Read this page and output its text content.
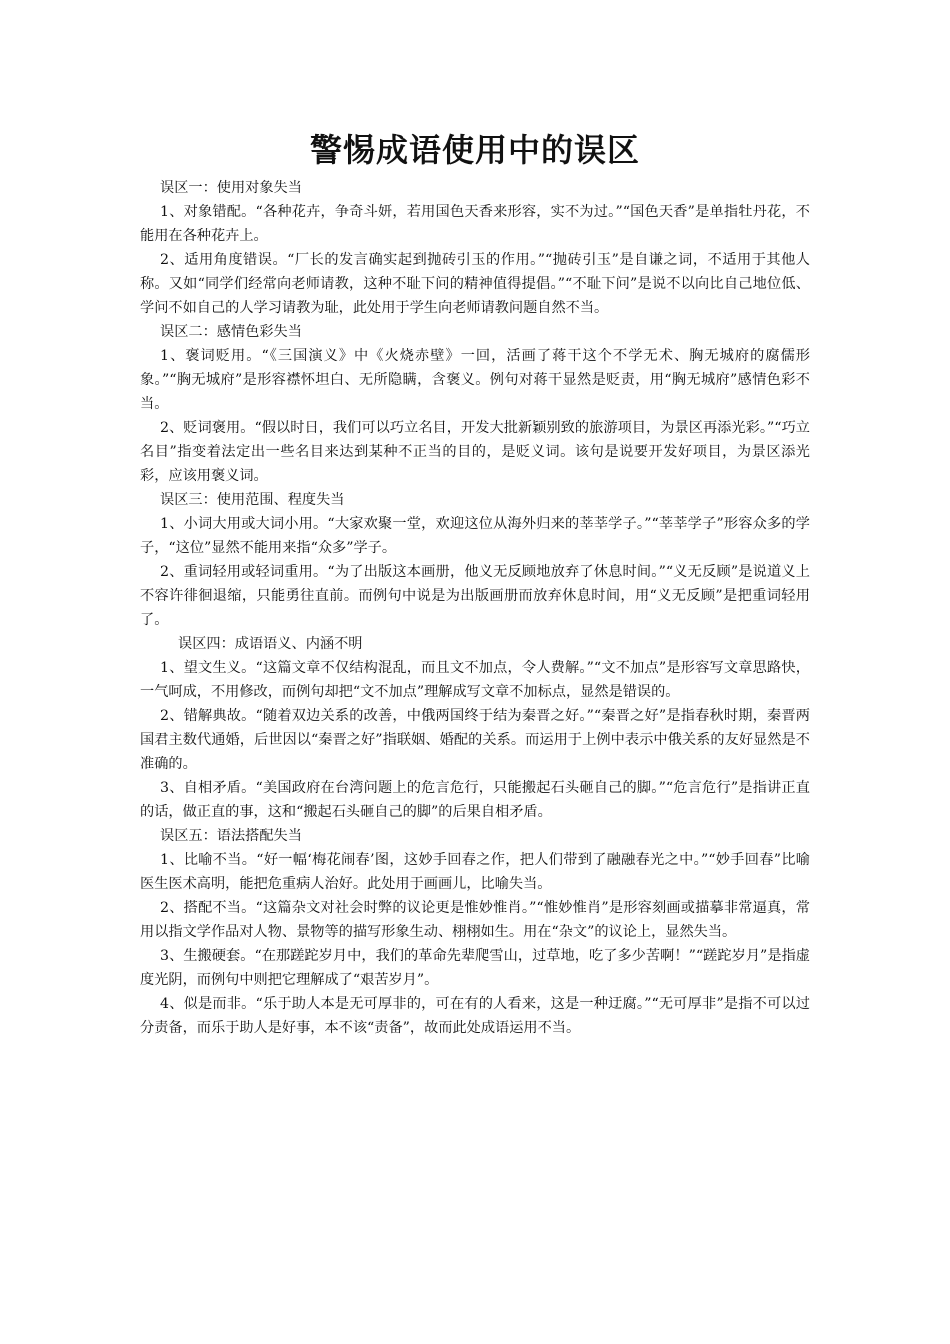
警惕成语使用中的误区

误区一：使用对象失当

1、对象错配。“各种花卉，争奇斗妍，若用国色天香来形容，实不为过。”“国色天香”是单指牡丹花，不能用在各种花卉上。

2、适用角度错误。“厂长的发言确实起到抛砖引玉的作用。”“抛砖引玉”是自谦之词，不适用于其他人称。又如“同学们经常向老师请教，这种不耻下问的精神值得提倡。”“不耻下问”是说不以向比自己地位低、学问不如自己的人学习请教为耻，此处用于学生向老师请教问题自然不当。

误区二：感情色彩失当

1、褒词贬用。“《三国演义》中《火烧赤壁》一回，活画了蒋干这个不学无术、胸无城府的腐儒形象。”“胸无城府”是形容襟怀坦白、无所隐瞒，含褒义。例句对蒋干显然是贬责，用“胸无城府”感情色彩不当。

2、贬词褒用。“假以时日，我们可以巧立名目，开发大批新颖别致的旅游项目，为景区再添光彩。”“巧立名目”指变着法定出一些名目来达到某种不正当的目的，是贬义词。该句是说要开发好项目，为景区添光彩，应该用褒义词。

误区三：使用范围、程度失当

1、小词大用或大词小用。“大家欢聚一堂，欢迎这位从海外归来的莘莘学子。”“莘莘学子”形容众多的学子，“这位”显然不能用来指“众多”学子。

2、重词轻用或轻词重用。“为了出版这本画册，他义无反顾地放弃了休息时间。”“义无反顾”是说道义上不容许徘徊退缩，只能勇往直前。而例句中说是为出版画册而放弃休息时间，用“义无反顾”是把重词轻用了。

误区四：成语语义、内涵不明

1、望文生义。“这篇文章不仅结构混乱，而且文不加点，令人费解。”“文不加点”是形容写文章思路快，一气呵成，不用修改，而例句却把“文不加点”理解成写文章不加标点，显然是错误的。

2、错解典故。“随着双边关系的改善，中俄两国终于结为秦晋之好。”“秦晋之好”是指春秋时期，秦晋两国君主数代通婚，后世因以“秦晋之好”指联姻、婚配的关系。而运用于上例中表示中俄关系的友好显然是不准确的。

3、自相矛盾。“美国政府在台湾问题上的危言危行，只能搬起石头砸自己的脚。”“危言危行”是指讲正直的话，做正直的事，这和“搬起石头砸自己的脚”的后果自相矛盾。

误区五：语法搭配失当

1、比喻不当。“好一幅‘梅花闹春’图，这妙手回春之作，把人们带到了融融春光之中。”“妙手回春”比喻医生医术高明，能把危重病人治好。此处用于画画儿，比喻失当。

2、搭配不当。“这篇杂文对社会时弊的议论更是惟妙惟肖。”“惟妙惟肖”是形容刻画或描摹非常逼真，常用以指文学作品对人物、景物等的描写形象生动、栩栩如生。用在“杂文”的议论上，显然失当。

3、生搬硬套。“在那蹉跎岁月中，我们的革命先辈爬雪山，过草地，吃了多少苦啊！”“蹉跎岁月”是指虚度光阴，而例句中则把它理解成了“艰苦岁月”。

4、似是而非。“乐于助人本是无可厚非的，可在有的人看来，这是一种迂腐。”“无可厚非”是指不可以过分责备，而乐于助人是好事，本不该“责备”，故而此处成语运用不当。
